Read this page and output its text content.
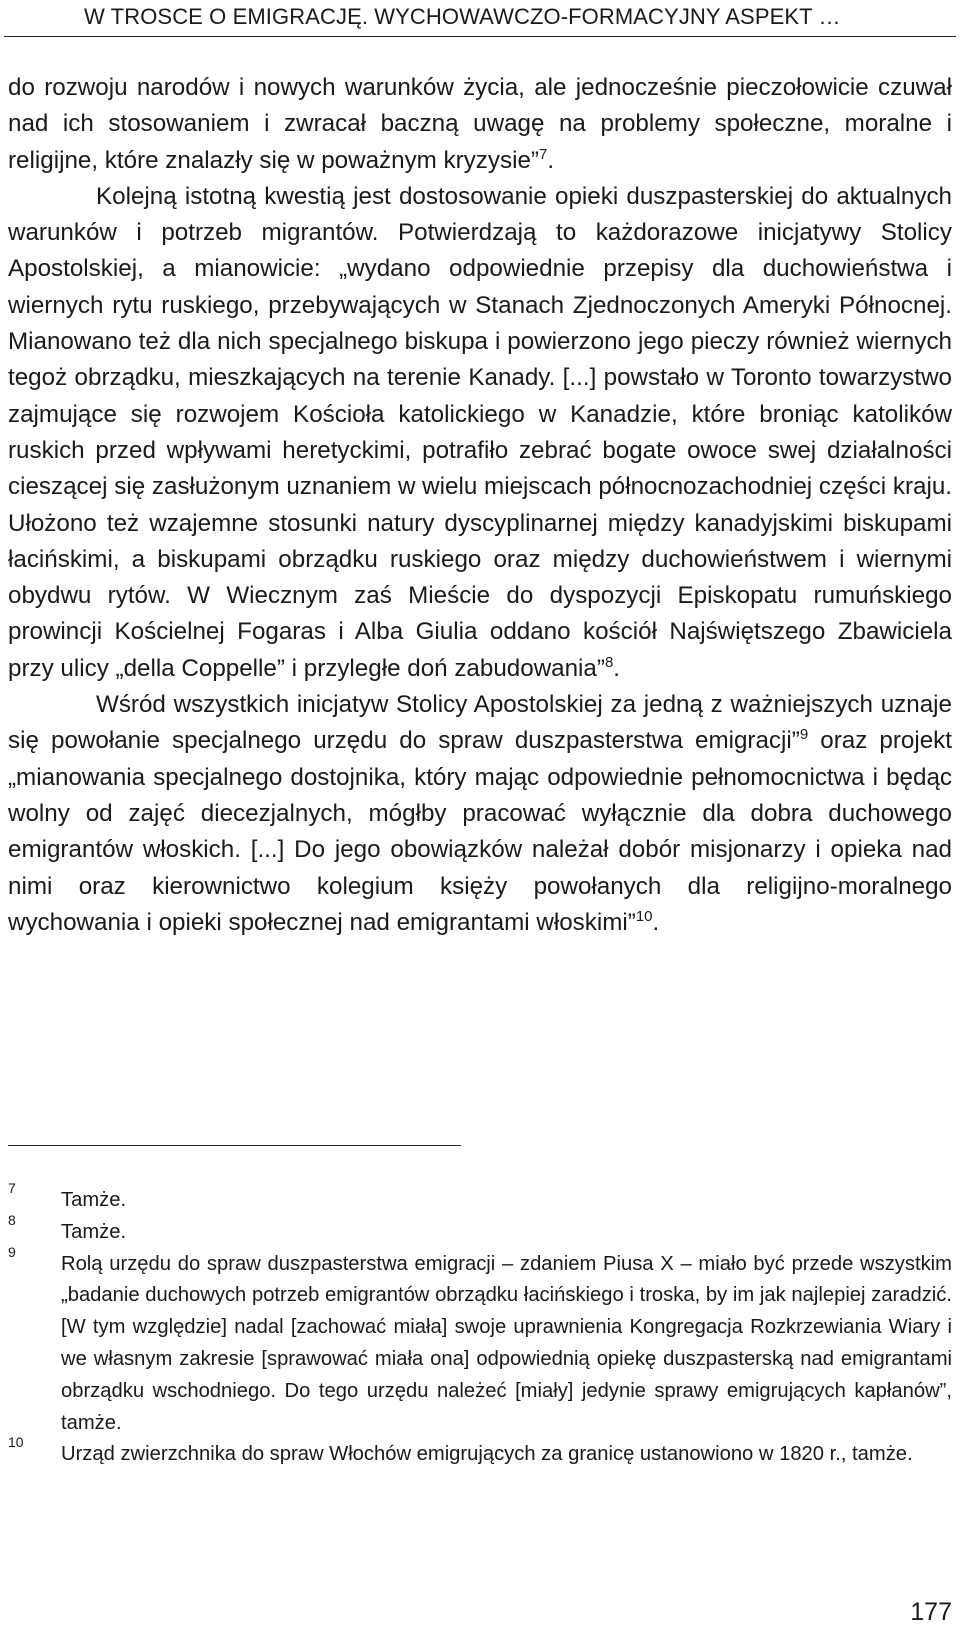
W TROSCE O EMIGRACJĘ. WYCHOWAWCZO-FORMACYJNY ASPEKT …

do rozwoju narodów i nowych warunków życia, ale jednocześnie pieczołowicie czuwał nad ich stosowaniem i zwracał baczną uwagę na problemy społeczne, moralne i religijne, które znalazły się w poważnym kryzysie”$^7$.

Kolejną istotną kwestią jest dostosowanie opieki duszpasterskiej do aktualnych warunków i potrzeb migrantów. Potwierdzają to każdorazowe inicjatywy Stolicy Apostolskiej, a mianowicie: „wydano odpowiednie przepisy dla duchowieństwa i wiernych rytu ruskiego, przebywających w Stanach Zjednoczonych Ameryki Północnej. Mianowano też dla nich specjalnego biskupa i powierzono jego pieczy również wiernych tegoż obrządku, mieszkających na terenie Kanady. [...] powstało w Toronto towarzystwo zajmujące się rozwojem Kościoła katolickiego w Kanadzie, które broniąc katolików ruskich przed wpływami heretyckimi, potrafiło zebrać bogate owoce swej działalności cieszącej się zasłużonym uznaniem w wielu miejscach północnozachodniej części kraju. Ułożono też wzajemne stosunki natury dyscyplinarnej między kanadyjskimi biskupami łacińskimi, a biskupami obrządku ruskiego oraz między duchowieństwem i wiernymi obydwu rytów. W Wiecznym zaś Mieście do dyspozycji Episkopatu rumuńskiego prowincji Kościelnej Fogaras i Alba Giulia oddano kościół Najświętszego Zbawiciela przy ulicy „della Coppelle” i przyległe doń zabudowania”$^8$.

Wśród wszystkich inicjatyw Stolicy Apostolskiej za jedną z ważniejszych uznaje się powołanie specjalnego urzędu do spraw duszpasterstwa emigracji”$^9$ oraz projekt „mianowania specjalnego dostojnika, który mając odpowiednie pełnomocnictwa i będąc wolny od zajęć diecezjalnych, mógłby pracować wyłącznie dla dobra duchowego emigrantów włoskich. [...] Do jego obowiązków należał dobór misjonarzy i opieka nad nimi oraz kierownictwo kolegium księży powołanych dla religijno-moralnego wychowania i opieki społecznej nad emigrantami włoskimi”$^{10}$.

7
Tamże.
8
Tamże.
9
Rolą urzędu do spraw duszpasterstwa emigracji – zdaniem Piusa X – miało być przede wszystkim „badanie duchowych potrzeb emigrantów obrządku łacińskiego i troska, by im jak najlepiej zaradzić. [W tym względzie] nadal [zachować miała] swoje uprawnienia Kongregacja Rozkrzewiania Wiary i we własnym zakresie [sprawować miała ona] odpowiednią opiekę duszpasterską nad emigrantami obrządku wschodniego. Do tego urzędu należeć [miały] jedynie sprawy emigrujących kapłanów”, tamże.
10
Urząd zwierzchnika do spraw Włochów emigrujących za granicę ustanowiono w 1820 r., tamże.
177
